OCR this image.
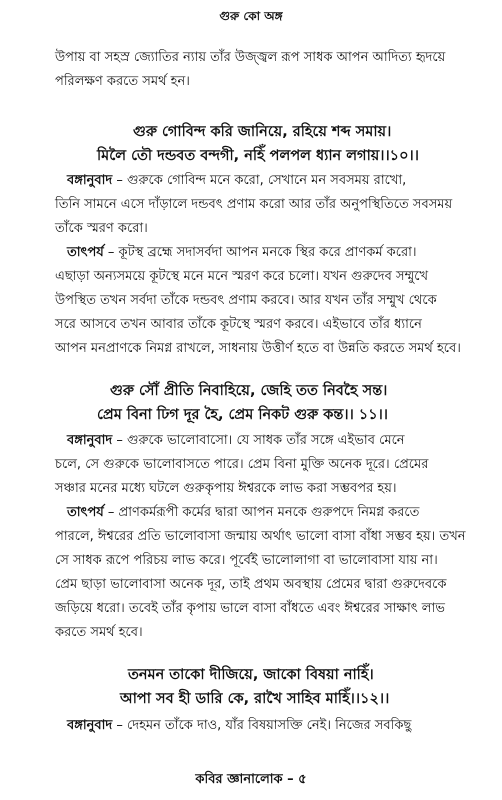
গুরু কো অঙ্গ
উপায় বা সহস্র জ্যোতির ন্যায় তাঁর উজ্জ্বল রূপ সাধক আপন আদিত্য হৃদয়ে
পরিলক্ষণ করতে সমর্থ হন।
গুরু গোবিন্দ করি জানিয়ে, রহিয়ে শব্দ সমায়।
মিলৈ তৌ দন্ডবত বন্দগী, নহিঁ পলপল ধ্যান লগায়।।১০।।
বঙ্গানুবাদ – গুরুকে গোবিন্দ মনে করো, সেখানে মন সবসময় রাখো,
তিনি সামনে এসে দাঁড়ালে দন্ডবৎ প্রণাম করো আর তাঁর অনুপস্থিতিতে সবসময়
তাঁকে স্মরণ করো।
তাৎপর্য – কূটস্থ ব্রহ্মে সদাসর্বদা আপন মনকে স্থির করে প্রাণকর্ম করো।
এছাড়া অন্যসময়ে কূটস্থে মনে মনে স্মরণ করে চলো। যখন গুরুদেব সম্মুখে
উপস্থিত তখন সর্বদা তাঁকে দন্ডবৎ প্রণাম করবে। আর যখন তাঁর সম্মুখ থেকে
সরে আসবে তখন আবার তাঁকে কূটস্থে স্মরণ করবে। এইভাবে তাঁর ধ্যানে
আপন মনপ্রাণকে নিমগ্ন রাখলে, সাধনায় উত্তীর্ণ হতে বা উন্নতি করতে সমর্থ হবে।
গুরু সৌঁ প্রীতি নিবাহিয়ে, জেহি তত নিবহৈ সন্ত।
প্রেম বিনা ঢিগ দূর হৈ, প্রেম নিকট গুরু কন্ত।। ১১।।
বঙ্গানুবাদ – গুরুকে ভালোবাসো। যে সাধক তাঁর সঙ্গে এইভাব মেনে
চলে, সে গুরুকে ভালোবাসতে পারে। প্রেম বিনা মুক্তি অনেক দূরে। প্রেমের
সঞ্চার মনের মধ্যে ঘটলে গুরুকৃপায় ঈশ্বরকে লাভ করা সম্ভবপর হয়।
তাৎপর্য – প্রাণকর্মরূপী কর্মের দ্বারা আপন মনকে গুরুপদে নিমগ্ন করতে
পারলে, ঈশ্বরের প্রতি ভালোবাসা জন্মায় অর্থাৎ ভালো বাসা বাঁধা সম্ভব হয়। তখন
সে সাধক রূপে পরিচয় লাভ করে। পূর্বেই ভালোলাগা বা ভালোবাসা যায় না।
প্রেম ছাড়া ভালোবাসা অনেক দূর, তাই প্রথম অবস্থায় প্রেমের দ্বারা গুরুদেবকে
জড়িয়ে ধরো। তবেই তাঁর কৃপায় ভালে বাসা বাঁধতে এবং ঈশ্বরের সাক্ষাৎ লাভ
করতে সমর্থ হবে।
তনমন তাকো দীজিয়ে, জাকো বিষয়া নাহিঁ।
আপা সব হী ডারি কে, রাখৈ সাহিব মাহিঁ।।১২।।
বঙ্গানুবাদ – দেহমন তাঁকে দাও, যাঁর বিষয়াসক্তি নেই। নিজের সবকিছু
কবির জ্ঞানালোক – ৫
